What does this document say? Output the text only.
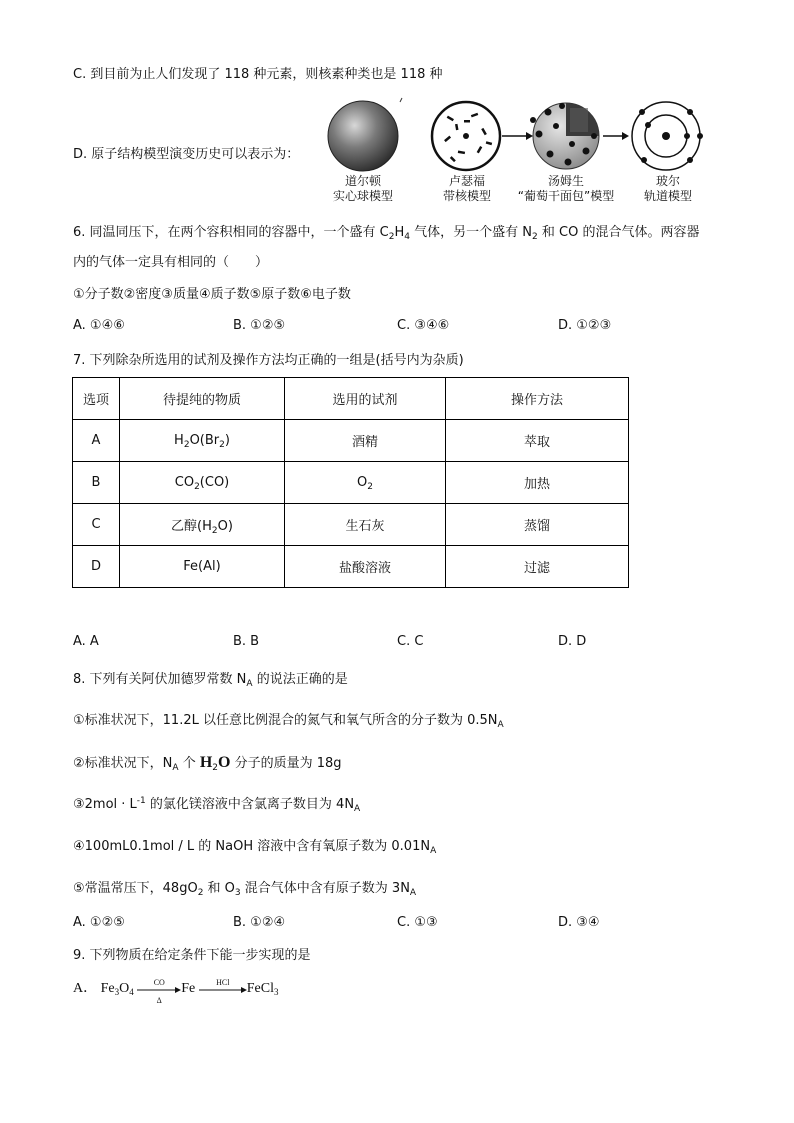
C. 到目前为止人们发现了 118 种元素，则核素种类也是 118 种
D. 原子结构模型演变历史可以表示为：
道尔顿
实心球模型
卢瑟福
带核模型
汤姆生
“葡萄干面包”模型
玻尔
轨道模型
6. 同温同压下，在两个容积相同的容器中，一个盛有 $C_2H_4$ 气体，另一个盛有 $N_2$ 和 CO 的混合气体。两容器
内的气体一定具有相同的（　　）
①分子数②密度③质量④质子数⑤原子数⑥电子数
A. ①④⑥	B. ①②⑤	C. ③④⑥	D. ①②③
7. 下列除杂所选用的试剂及操作方法均正确的一组是(括号内为杂质)
选项	待提纯的物质	选用的试剂	操作方法
A	$H_2O(Br_2)$	酒精	萃取
B	$CO_2(CO)$	$O_2$	加热
C	乙醇$(H_2O)$	生石灰	蒸馏
D	Fe(Al)	盐酸溶液	过滤
A. A	B. B	C. C	D. D
8. 下列有关阿伏加德罗常数 $N_A$ 的说法正确的是
①标准状况下，11.2L 以任意比例混合的氮气和氧气所含的分子数为 $0.5N_A$
②标准状况下，$N_A$ 个 $H_2O$ 分子的质量为 18g
③2mol · $L^{-1}$ 的氯化镁溶液中含氯离子数目为 $4N_A$
④100mL0.1mol / L 的 NaOH 溶液中含有氧原子数为 $0.01N_A$
⑤常温常压下，$48gO_2$ 和 $O_3$ 混合气体中含有原子数为 $3N_A$
A. ①②⑤	B. ①②④	C. ①③	D. ③④
9. 下列物质在给定条件下能一步实现的是
A． $Fe_3O_4$
CO
Δ
Fe	HCl	FeCl$_3$
